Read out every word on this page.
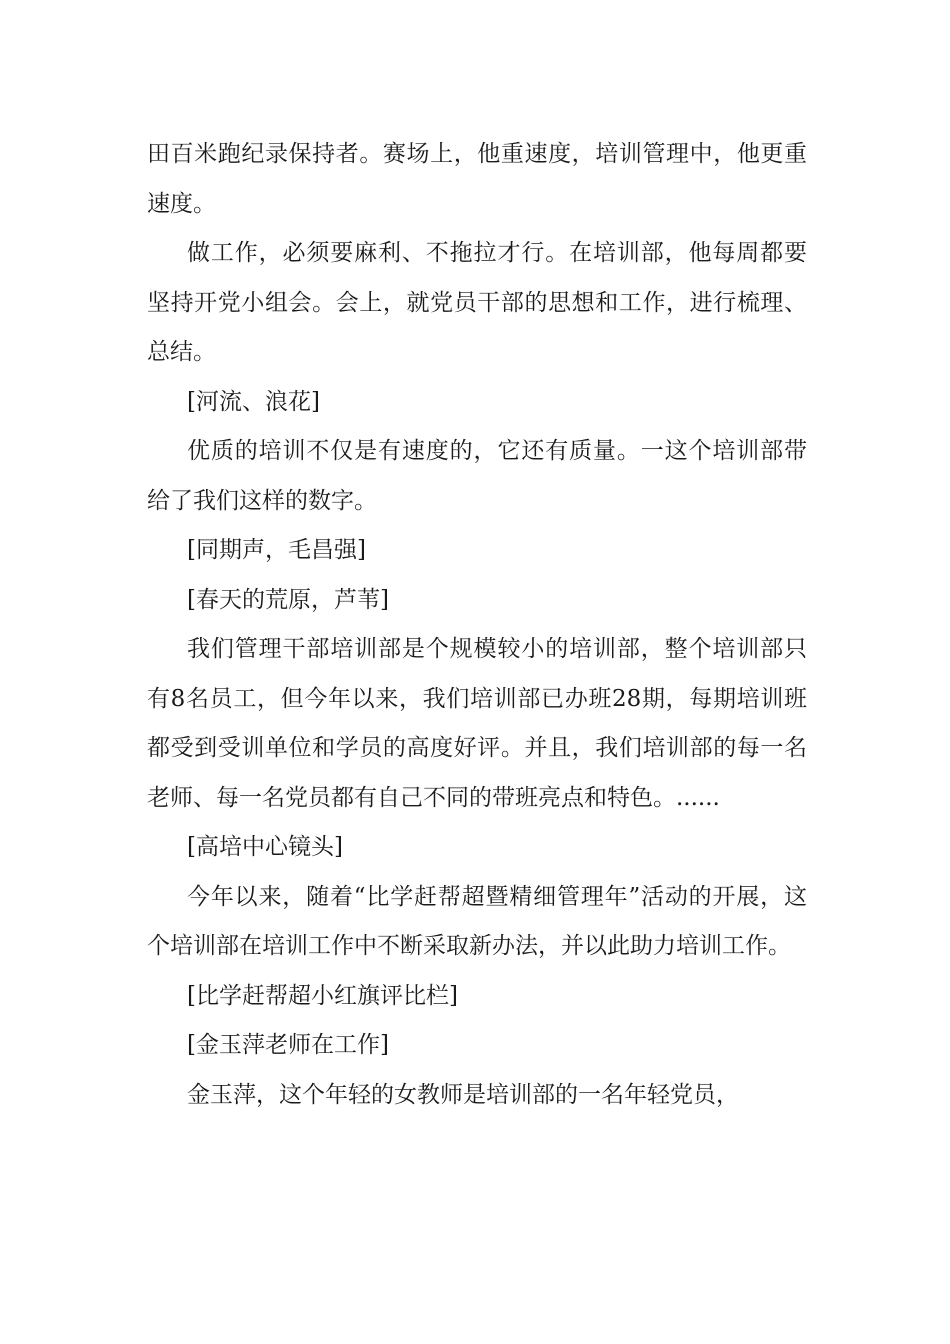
田百米跑纪录保持者。赛场上，他重速度，培训管理中，他更重速度。

做工作，必须要麻利、不拖拉才行。在培训部，他每周都要坚持开党小组会。会上，就党员干部的思想和工作，进行梳理、总结。

[河流、浪花]

优质的培训不仅是有速度的，它还有质量。一这个培训部带给了我们这样的数字。

[同期声，毛昌强]

[春天的荒原，芦苇]

我们管理干部培训部是个规模较小的培训部，整个培训部只有8名员工，但今年以来，我们培训部已办班28期，每期培训班都受到受训单位和学员的高度好评。并且，我们培训部的每一名老师、每一名党员都有自己不同的带班亮点和特色。......

[高培中心镜头]

今年以来，随着“比学赶帮超暨精细管理年”活动的开展，这个培训部在培训工作中不断采取新办法，并以此助力培训工作。

[比学赶帮超小红旗评比栏]

[金玉萍老师在工作]

金玉萍，这个年轻的女教师是培训部的一名年轻党员，
